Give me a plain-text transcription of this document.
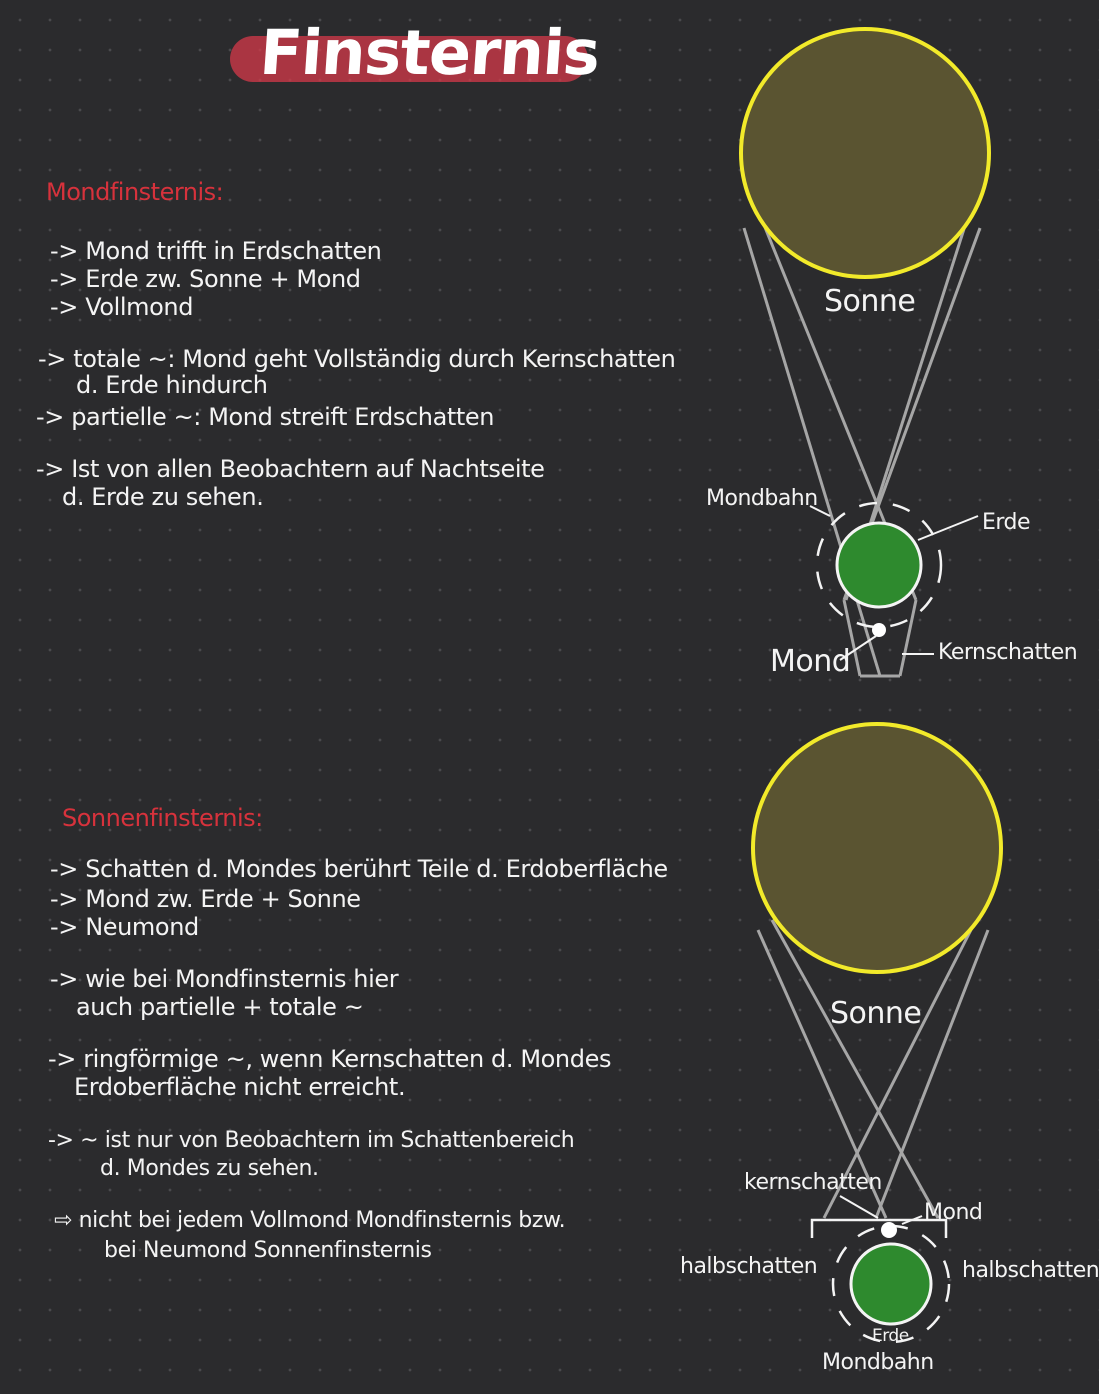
Finsternis
Mondfinsternis:

-> Mond trifft in Erdschatten

-> Erde zw. Sonne + Mond

-> Vollmond

-> totale ~: Mond geht Vollständig durch Kernschatten

d. Erde hindurch

-> partielle ~: Mond streift Erdschatten

-> Ist von allen Beobachtern auf Nachtseite

d. Erde zu sehen.

Sonnenfinsternis:

-> Schatten d. Mondes berührt Teile d. Erdoberfläche

-> Mond zw. Erde + Sonne

-> Neumond

-> wie bei Mondfinsternis hier

auch partielle + totale ~

-> ringförmige ~, wenn Kernschatten d. Mondes

Erdoberfläche nicht erreicht.

-> ~ ist nur von Beobachtern im Schattenbereich

d. Mondes zu sehen.

⇨ nicht bei jedem Vollmond Mondfinsternis bzw.

bei Neumond Sonnenfinsternis

Sonne
Mondbahn
Erde
Mond	Kernschatten
Sonne
kernschatten
Mond
halbschatten	halbschatten
Erde
Mondbahn
